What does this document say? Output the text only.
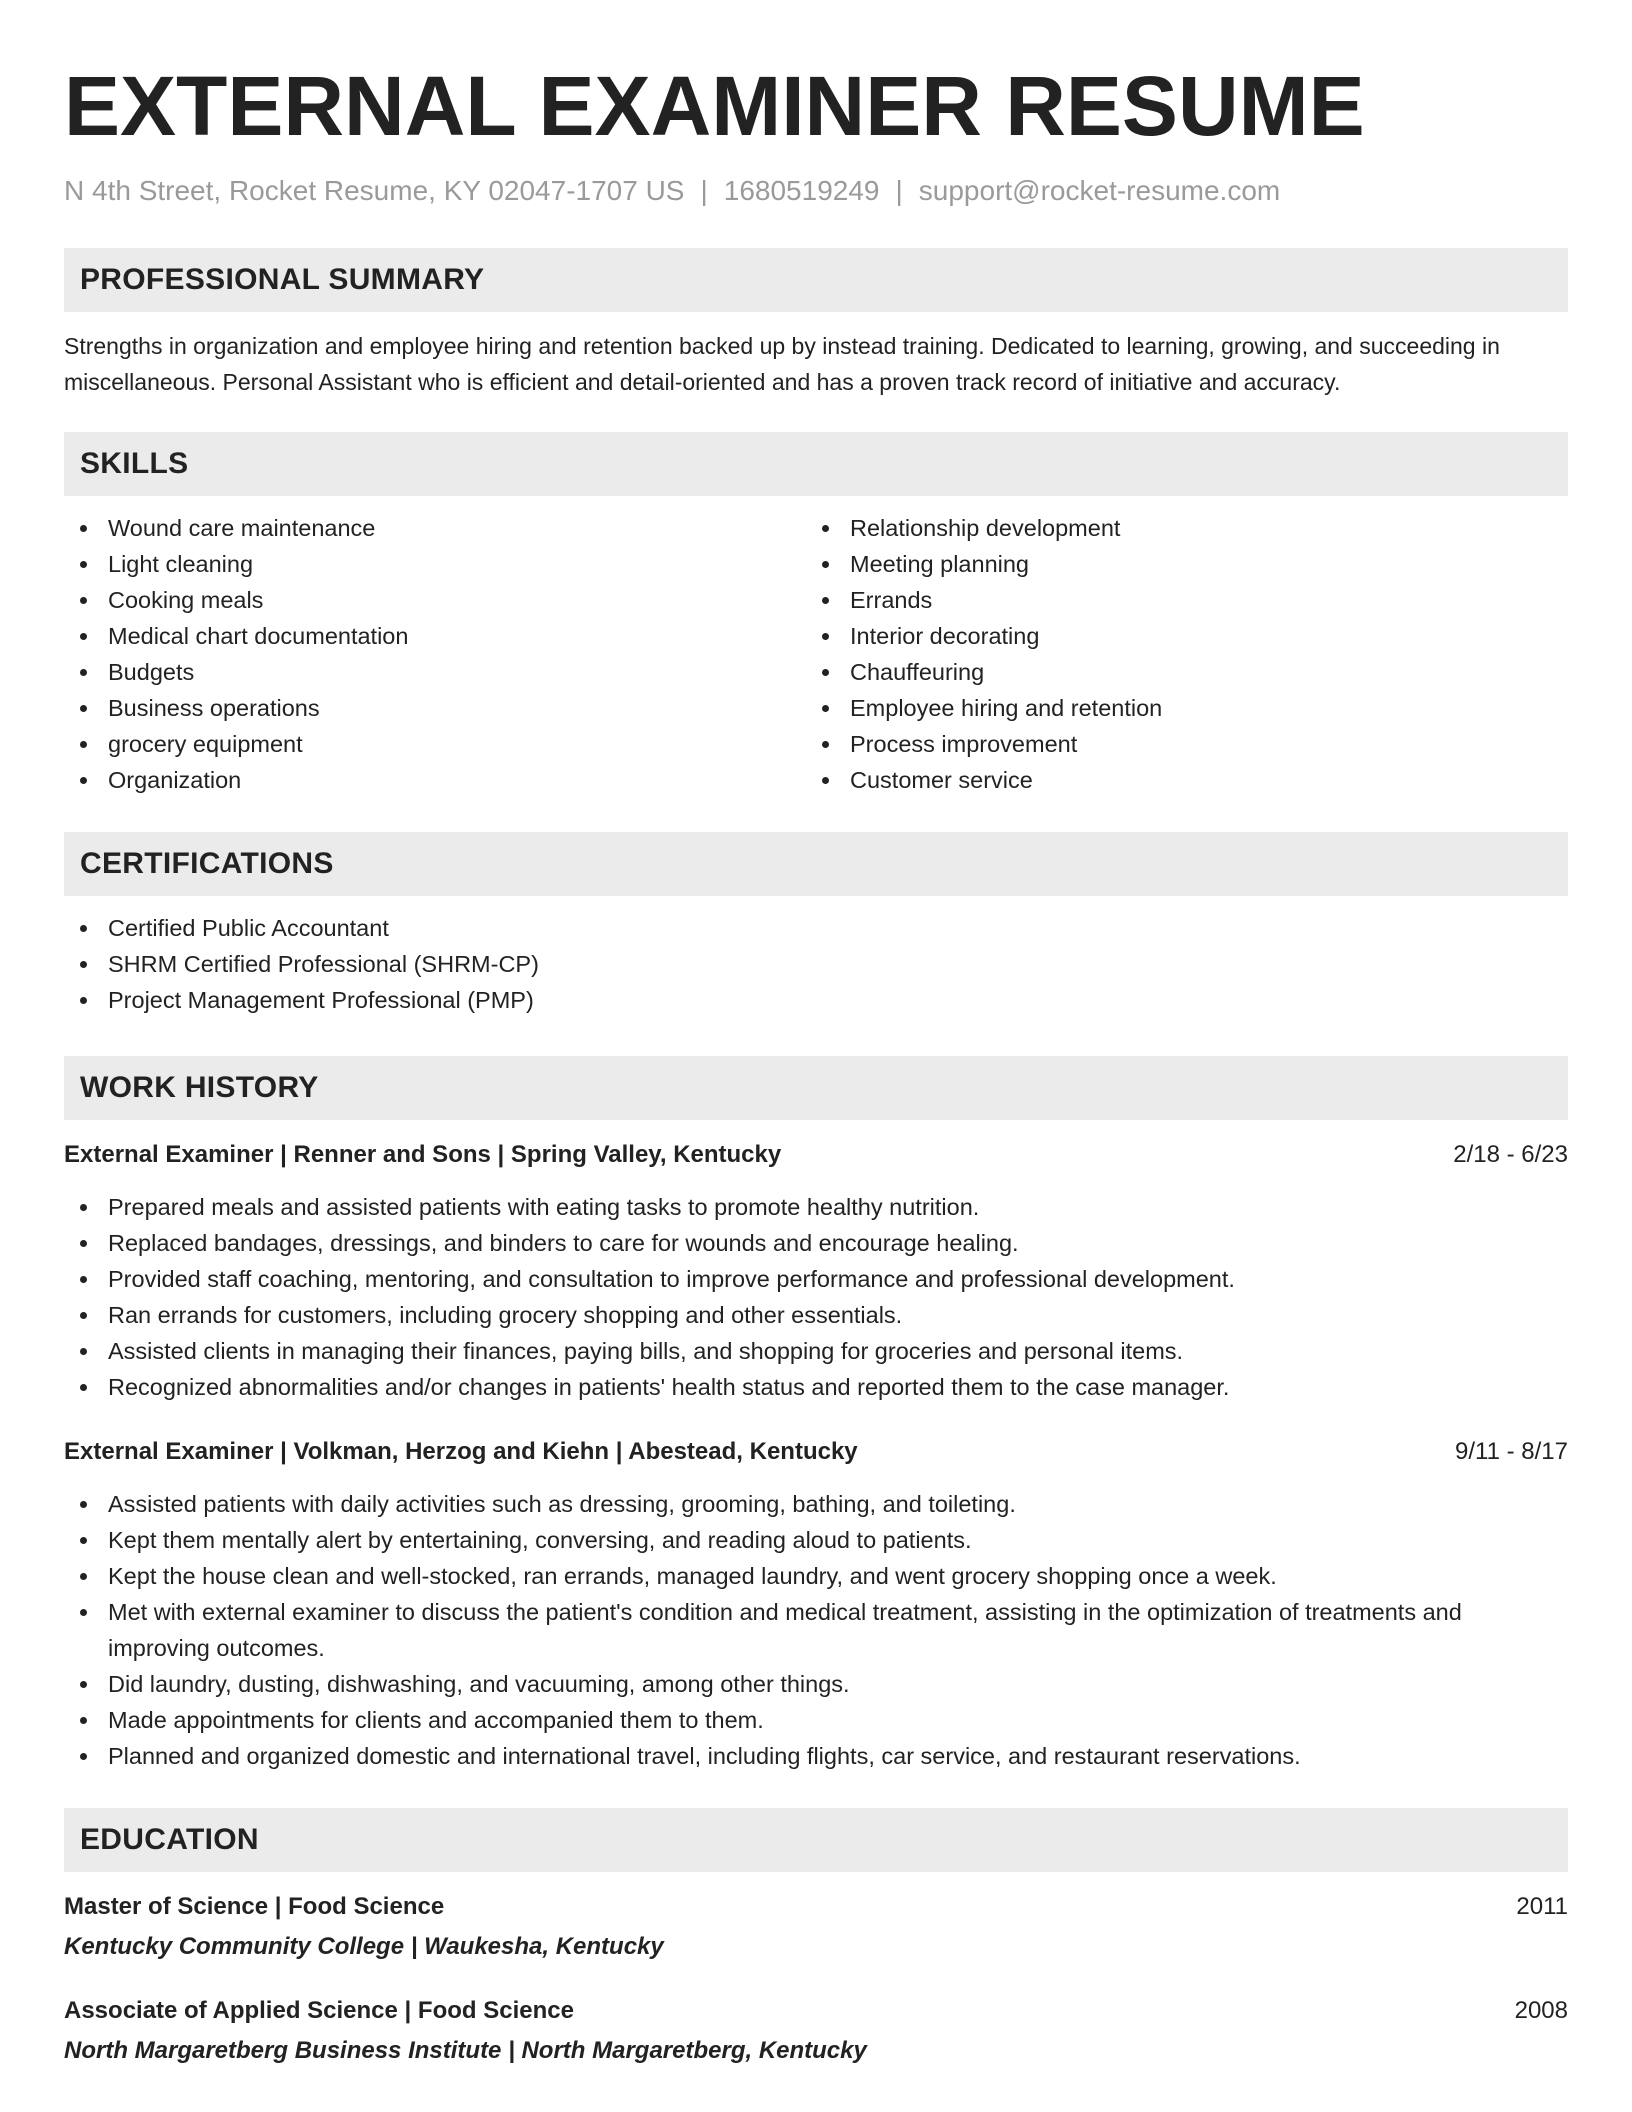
EXTERNAL EXAMINER RESUME
N 4th Street, Rocket Resume, KY 02047-1707 US | 1680519249 | support@rocket-resume.com
PROFESSIONAL SUMMARY

Strengths in organization and employee hiring and retention backed up by instead training. Dedicated to learning, growing, and succeeding in miscellaneous. Personal Assistant who is efficient and detail-oriented and has a proven track record of initiative and accuracy.

SKILLS
Wound care maintenance
Light cleaning
Cooking meals
Medical chart documentation
Budgets
Business operations
grocery equipment
Organization
Relationship development
Meeting planning
Errands
Interior decorating
Chauffeuring
Employee hiring and retention
Process improvement
Customer service
CERTIFICATIONS
Certified Public Accountant
SHRM Certified Professional (SHRM-CP)
Project Management Professional (PMP)
WORK HISTORY
External Examiner | Renner and Sons | Spring Valley, Kentucky	2/18 - 6/23
Prepared meals and assisted patients with eating tasks to promote healthy nutrition.
Replaced bandages, dressings, and binders to care for wounds and encourage healing.
Provided staff coaching, mentoring, and consultation to improve performance and professional development.
Ran errands for customers, including grocery shopping and other essentials.
Assisted clients in managing their finances, paying bills, and shopping for groceries and personal items.
Recognized abnormalities and/or changes in patients' health status and reported them to the case manager.
External Examiner | Volkman, Herzog and Kiehn | Abestead, Kentucky	9/11 - 8/17
Assisted patients with daily activities such as dressing, grooming, bathing, and toileting.
Kept them mentally alert by entertaining, conversing, and reading aloud to patients.
Kept the house clean and well-stocked, ran errands, managed laundry, and went grocery shopping once a week.
Met with external examiner to discuss the patient's condition and medical treatment, assisting in the optimization of treatments and improving outcomes.
Did laundry, dusting, dishwashing, and vacuuming, among other things.
Made appointments for clients and accompanied them to them.
Planned and organized domestic and international travel, including flights, car service, and restaurant reservations.
EDUCATION
Master of Science | Food Science	2011
Kentucky Community College | Waukesha, Kentucky
Associate of Applied Science | Food Science	2008
North Margaretberg Business Institute | North Margaretberg, Kentucky
